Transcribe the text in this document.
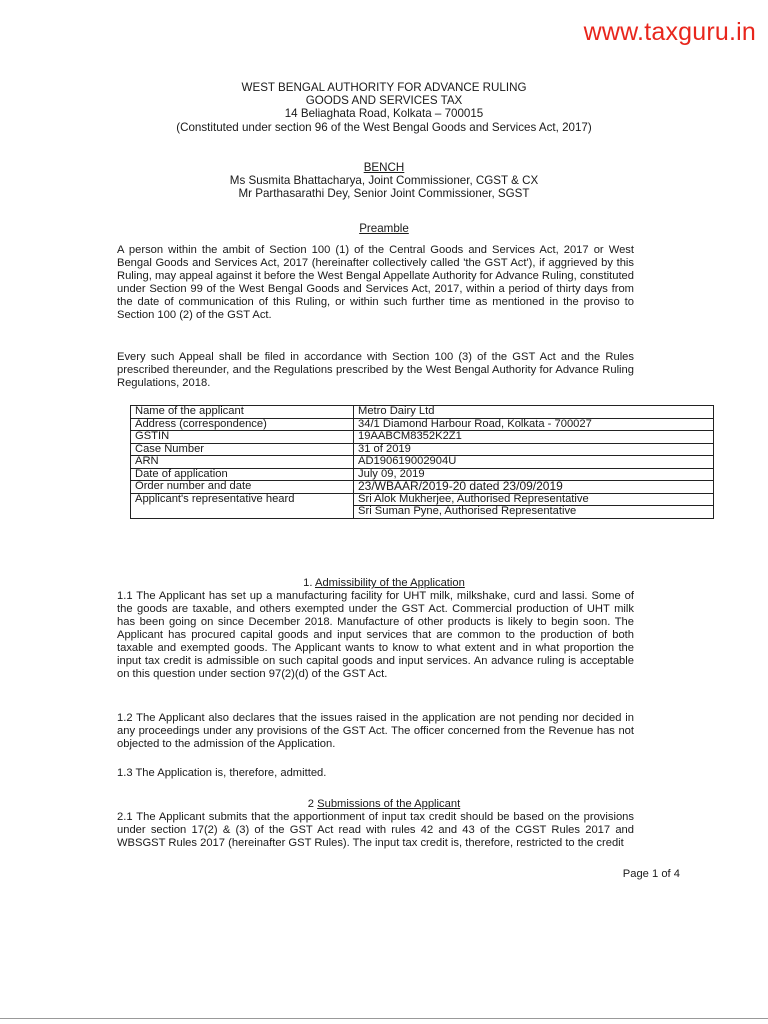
www.taxguru.in
WEST BENGAL AUTHORITY FOR ADVANCE RULING
GOODS AND SERVICES TAX
14 Beliaghata Road, Kolkata – 700015
(Constituted under section 96 of the West Bengal Goods and Services Act, 2017)
BENCH
Ms Susmita Bhattacharya, Joint Commissioner, CGST & CX
Mr Parthasarathi Dey, Senior Joint Commissioner, SGST
Preamble
A person within the ambit of Section 100 (1) of the Central Goods and Services Act, 2017 or West Bengal Goods and Services Act, 2017 (hereinafter collectively called 'the GST Act'), if aggrieved by this Ruling, may appeal against it before the West Bengal Appellate Authority for Advance Ruling, constituted under Section 99 of the West Bengal Goods and Services Act, 2017, within a period of thirty days from the date of communication of this Ruling, or within such further time as mentioned in the proviso to Section 100 (2) of the GST Act.
Every such Appeal shall be filed in accordance with Section 100 (3) of the GST Act and the Rules prescribed thereunder, and the Regulations prescribed by the West Bengal Authority for Advance Ruling Regulations, 2018.
Name of the applicant	Metro Dairy Ltd
Address (correspondence)	34/1 Diamond Harbour Road, Kolkata - 700027
GSTIN	19AABCM8352K2Z1
Case Number	31 of 2019
ARN	AD190619002904U
Date of application	July 09, 2019
Order number and date	23/WBAAR/2019-20 dated 23/09/2019
Applicant's representative heard	Sri Alok Mukherjee, Authorised Representative
	Sri Suman Pyne, Authorised Representative
1. Admissibility of the Application
1.1 The Applicant has set up a manufacturing facility for UHT milk, milkshake, curd and lassi. Some of the goods are taxable, and others exempted under the GST Act. Commercial production of UHT milk has been going on since December 2018. Manufacture of other products is likely to begin soon. The Applicant has procured capital goods and input services that are common to the production of both taxable and exempted goods. The Applicant wants to know to what extent and in what proportion the input tax credit is admissible on such capital goods and input services. An advance ruling is acceptable on this question under section 97(2)(d) of the GST Act.
1.2 The Applicant also declares that the issues raised in the application are not pending nor decided in any proceedings under any provisions of the GST Act. The officer concerned from the Revenue has not objected to the admission of the Application.
1.3 The Application is, therefore, admitted.
2 Submissions of the Applicant
2.1 The Applicant submits that the apportionment of input tax credit should be based on the provisions under section 17(2) & (3) of the GST Act read with rules 42 and 43 of the CGST Rules 2017 and WBSGST Rules 2017 (hereinafter GST Rules). The input tax credit is, therefore, restricted to the credit
Page 1 of 4
